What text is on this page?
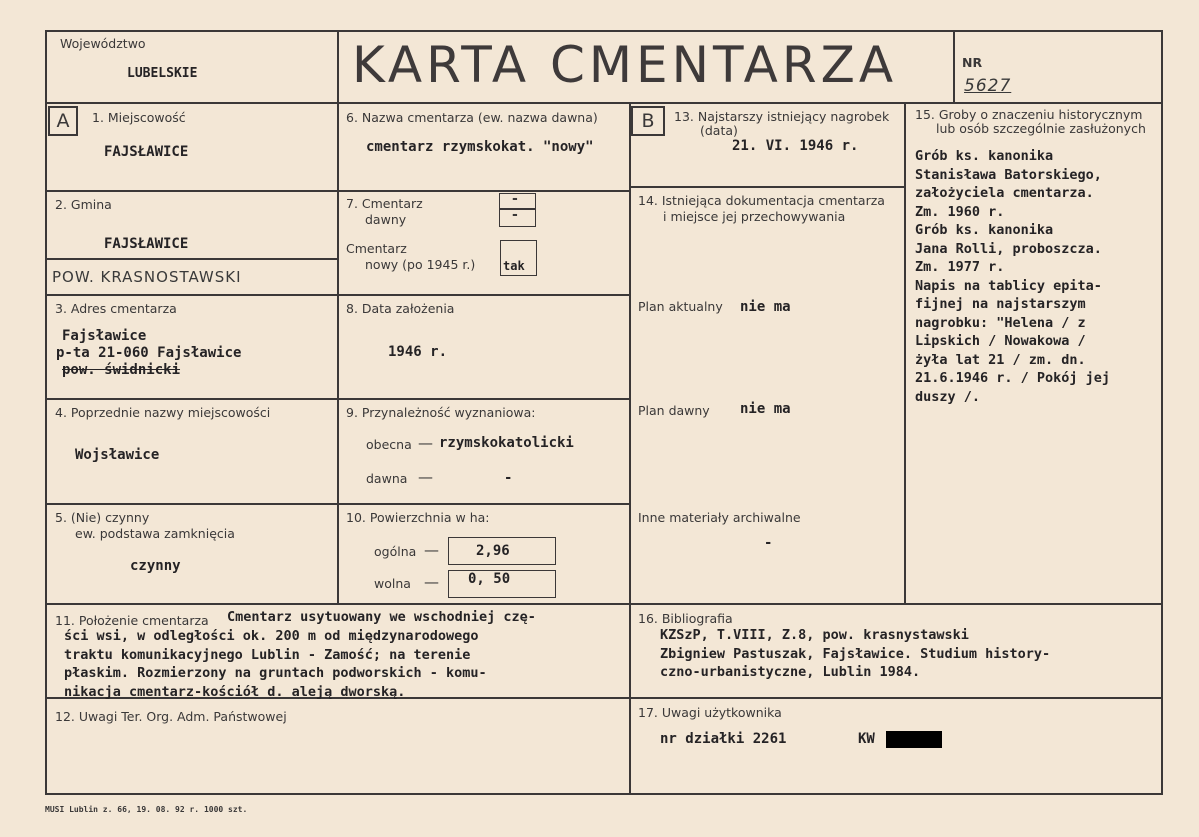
Województwo
LUBELSKIE	KARTA CMENTARZA	NR
5627
A	B
1. Miejscowość
FAJSŁAWICE
2. Gmina
FAJSŁAWICE
POW. KRASNOSTAWSKI
3. Adres cmentarza
Fajsławice
p-ta 21-060 Fajsławice
pow. świdnicki
4. Poprzednie nazwy miejscowości
Wojsławice
5. (Nie) czynny
ew. podstawa zamknięcia
czynny
6. Nazwa cmentarza (ew. nazwa dawna)
cmentarz rzymskokat. "nowy"
7. Cmentarz
dawny
-
-
Cmentarz
nowy (po 1945 r.) tak
8. Data założenia
1946 r.
9. Przynależność wyznaniowa:
obecna — rzymskokatolicki
dawna —	-
10. Powierzchnia w ha:
ogólna —	2,96
wolna — 0, 50
13. Najstarszy istniejący nagrobek
(data)
21. VI. 1946 r.
14. Istniejąca dokumentacja cmentarza
i miejsce jej przechowywania
Plan aktualny nie ma
Plan dawny nie ma
Inne materiały archiwalne
-
15. Groby o znaczeniu historycznym
lub osób szczególnie zasłużonych
Grób ks. kanonika
Stanisława Batorskiego,
założyciela cmentarza.
Zm. 1960 r.
Grób ks. kanonika
Jana Rolli, proboszcza.
Zm. 1977 r.
Napis na tablicy epita-
fijnej na najstarszym
nagrobku: "Helena / z
Lipskich / Nowakowa /
żyła lat 21 / zm. dn.
21.6.1946 r. / Pokój jej
duszy /.
11. Położenie cmentarza Cmentarz usytuowany we wschodniej czę-
ści wsi, w odległości ok. 200 m od międzynarodowego
traktu komunikacyjnego Lublin - Zamość; na terenie
płaskim. Rozmierzony na gruntach podworskich - komu-
nikacja cmentarz-kościół d. aleją dworską.
16. Bibliografia
KZSzP, T.VIII, Z.8, pow. krasnystawski
Zbigniew Pastuszak, Fajsławice. Studium history-
czno-urbanistyczne, Lublin 1984.
12. Uwagi Ter. Org. Adm. Państwowej	17. Uwagi użytkownika
nr działki 2261	KW
MUSI Lublin z. 66, 19. 08. 92 r. 1000 szt.
